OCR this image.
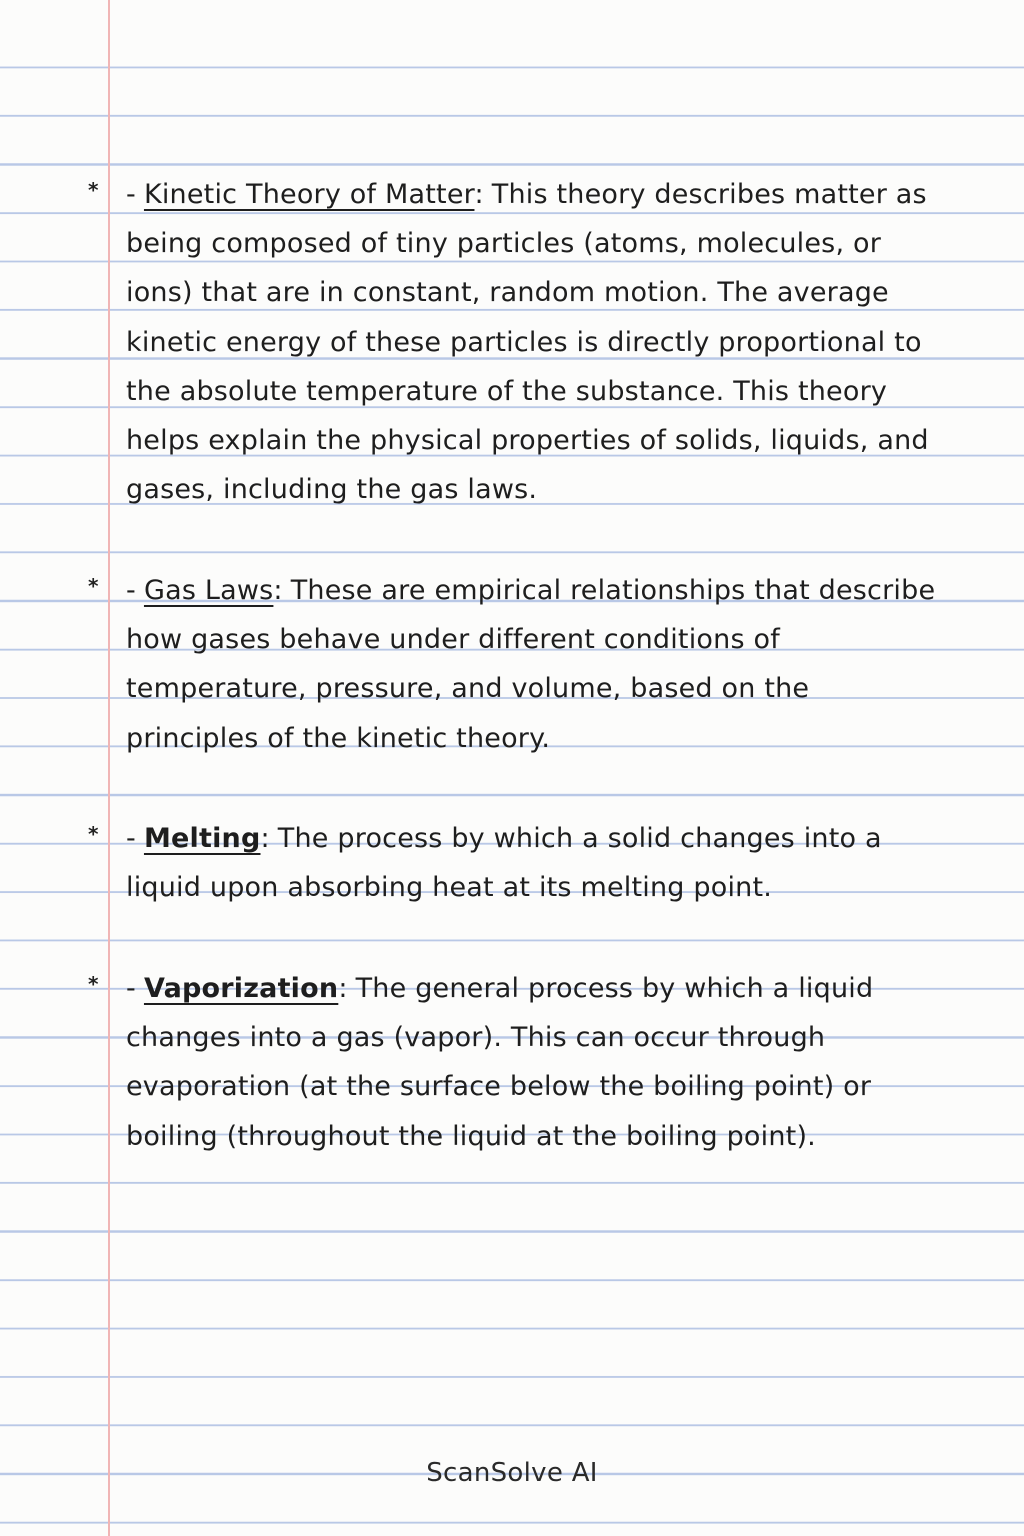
* - Kinetic Theory of Matter: This theory describes matter as being composed of tiny particles (atoms, molecules, or ions) that are in constant, random motion. The average kinetic energy of these particles is directly proportional to the absolute temperature of the substance. This theory helps explain the physical properties of solids, liquids, and gases, including the gas laws.
* - Gas Laws: These are empirical relationships that describe how gases behave under different conditions of temperature, pressure, and volume, based on the principles of the kinetic theory.
* - Melting: The process by which a solid changes into a liquid upon absorbing heat at its melting point.
* - Vaporization: The general process by which a liquid changes into a gas (vapor). This can occur through evaporation (at the surface below the boiling point) or boiling (throughout the liquid at the boiling point).
ScanSolve AI
